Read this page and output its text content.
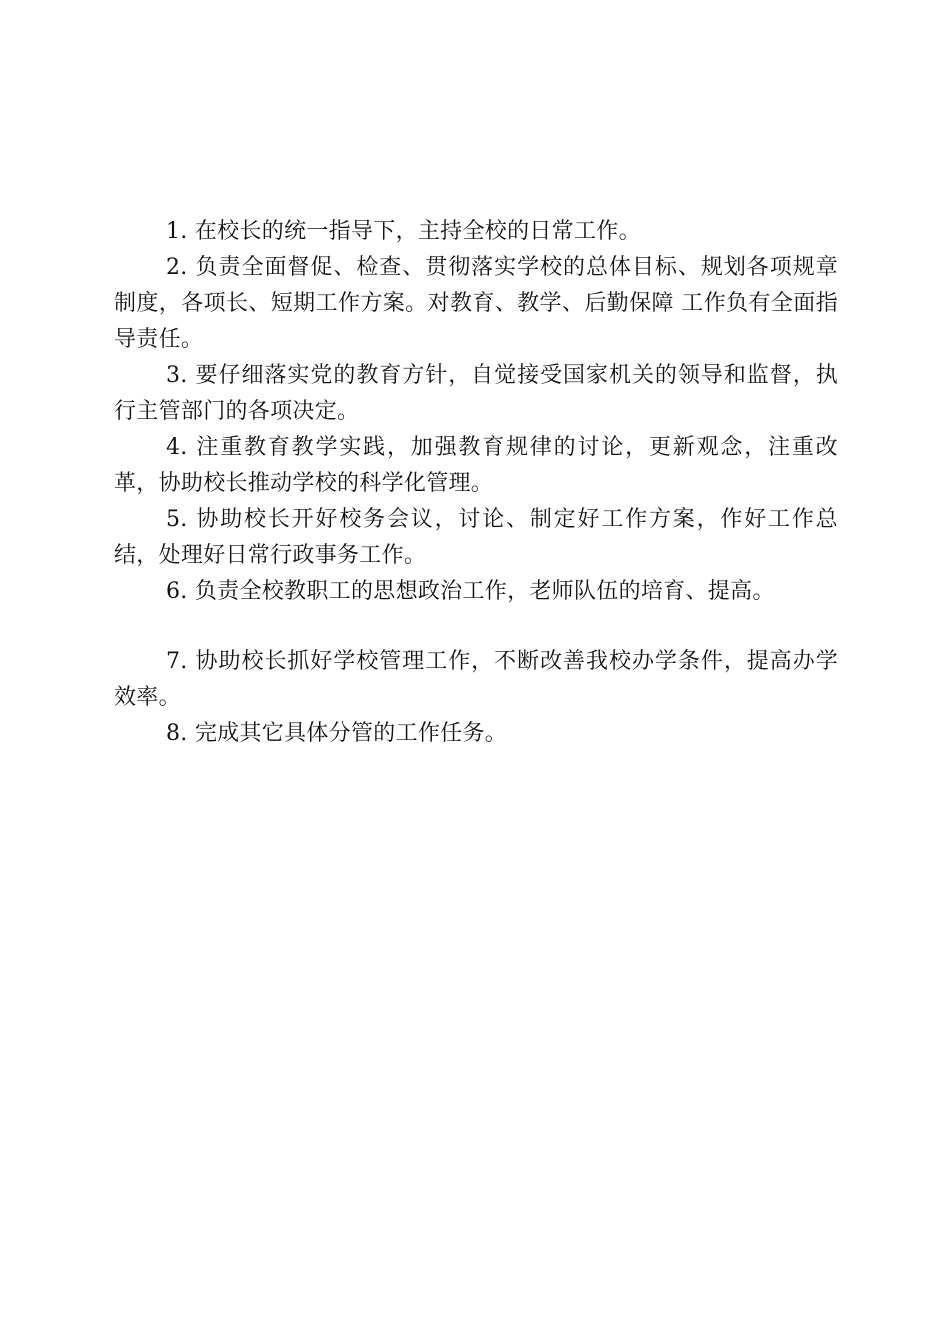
1. 在校长的统一指导下，主持全校的日常工作。

2. 负责全面督促、检查、贯彻落实学校的总体目标、规划各项规章制度，各项长、短期工作方案。对教育、教学、后勤保障 工作负有全面指导责任。

3. 要仔细落实党的教育方针，自觉接受国家机关的领导和监督，执行主管部门的各项决定。

4. 注重教育教学实践，加强教育规律的讨论，更新观念，注重改革，协助校长推动学校的科学化管理。

5. 协助校长开好校务会议，讨论、制定好工作方案，作好工作总结，处理好日常行政事务工作。

6. 负责全校教职工的思想政治工作，老师队伍的培育、提高。

7. 协助校长抓好学校管理工作，不断改善我校办学条件，提高办学效率。

8. 完成其它具体分管的工作任务。
